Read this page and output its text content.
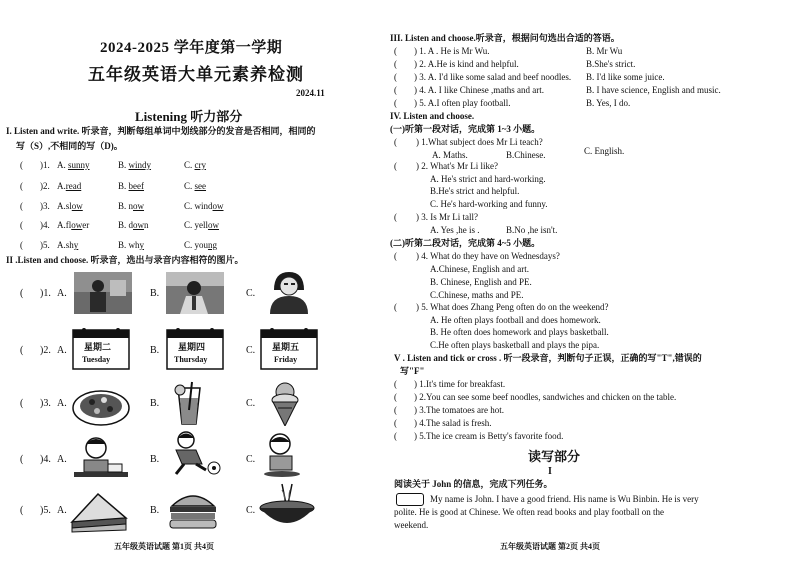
2024-2025 学年度第一学期
五年级英语大单元素养检测
2024.11
Listening 听力部分
I. Listen and write. 听录音，判断每组单词中划线部分的发音是否相同，相同的
写（S）,不相同的写（D)。
( )1. A. sunny	B. windy	C. cry
( )2. A.read	B. beef	C. see
( )3. A.slow	B. now	C. window
( )4. A.flower	B. down	C. yellow
( )5. A.shy	B. why	C. young
II .Listen and choose. 听录音，选出与录音内容相符的图片。
( )1. A.	B.	C.
( )2. A. 星期二
Tuesday
B. 星期四
Thursday
C. 星期五
Friday
( )3. A.	B.	C.
( )4. A.	B.	C.
( )5. A.	B.	C.
五年级英语试题 第1页 共4页
III. Listen and choose.听录音，根据问句选出合适的答语。
( ) 1. A . He is Mr Wu.	B. Mr Wu
( ) 2. A.He is kind and helpful.	B.She's strict.
( ) 3. A. I'd like some salad and beef noodles. B. I'd like some juice.
( ) 4. A. I like Chinese ,maths and art.	B. I have science, English and music.
( ) 5. A.I often play football.	B. Yes, I do.
IV. Listen and choose.
(一)听第一段对话，完成第 1~3 小题。
( ) 1.What subject does Mr Li teach?
A. Maths.	B.Chinese.	C. English.
( ) 2. What's Mr Li like?
A. He's strict and hard-working.
B.He's strict and helpful.
C. He's hard-working and funny.
( ) 3. Is Mr Li tall?
A. Yes ,he is .	B.No ,he isn't.
(二)听第二段对话，完成第 4~5 小题。
( ) 4. What do they have on Wednesdays?
A.Chinese, English and art.
B. Chinese, English and PE.
C.Chinese, maths and PE.
( ) 5. What does Zhang Peng often do on the weekend?
A. He often plays football and does homework.
B. He often does homework and plays basketball.
C.He often plays basketball and plays the pipa.
V . Listen and tick or cross . 听一段录音，判断句子正误，正确的写"T",错误的
写"F"
( ) 1.It's time for breakfast.
( ) 2.You can see some beef noodles, sandwiches and chicken on the table.
( ) 3.The tomatoes are hot.
( ) 4.The salad is fresh.
( ) 5.The ice cream is Betty's favorite food.
读写部分
I
阅读关于 John 的信息，完成下列任务。
My name is John. I have a good friend. His name is Wu Binbin. He is very
polite. He is good at Chinese. We often read books and play football on the
weekend.
五年级英语试题 第2页 共4页
